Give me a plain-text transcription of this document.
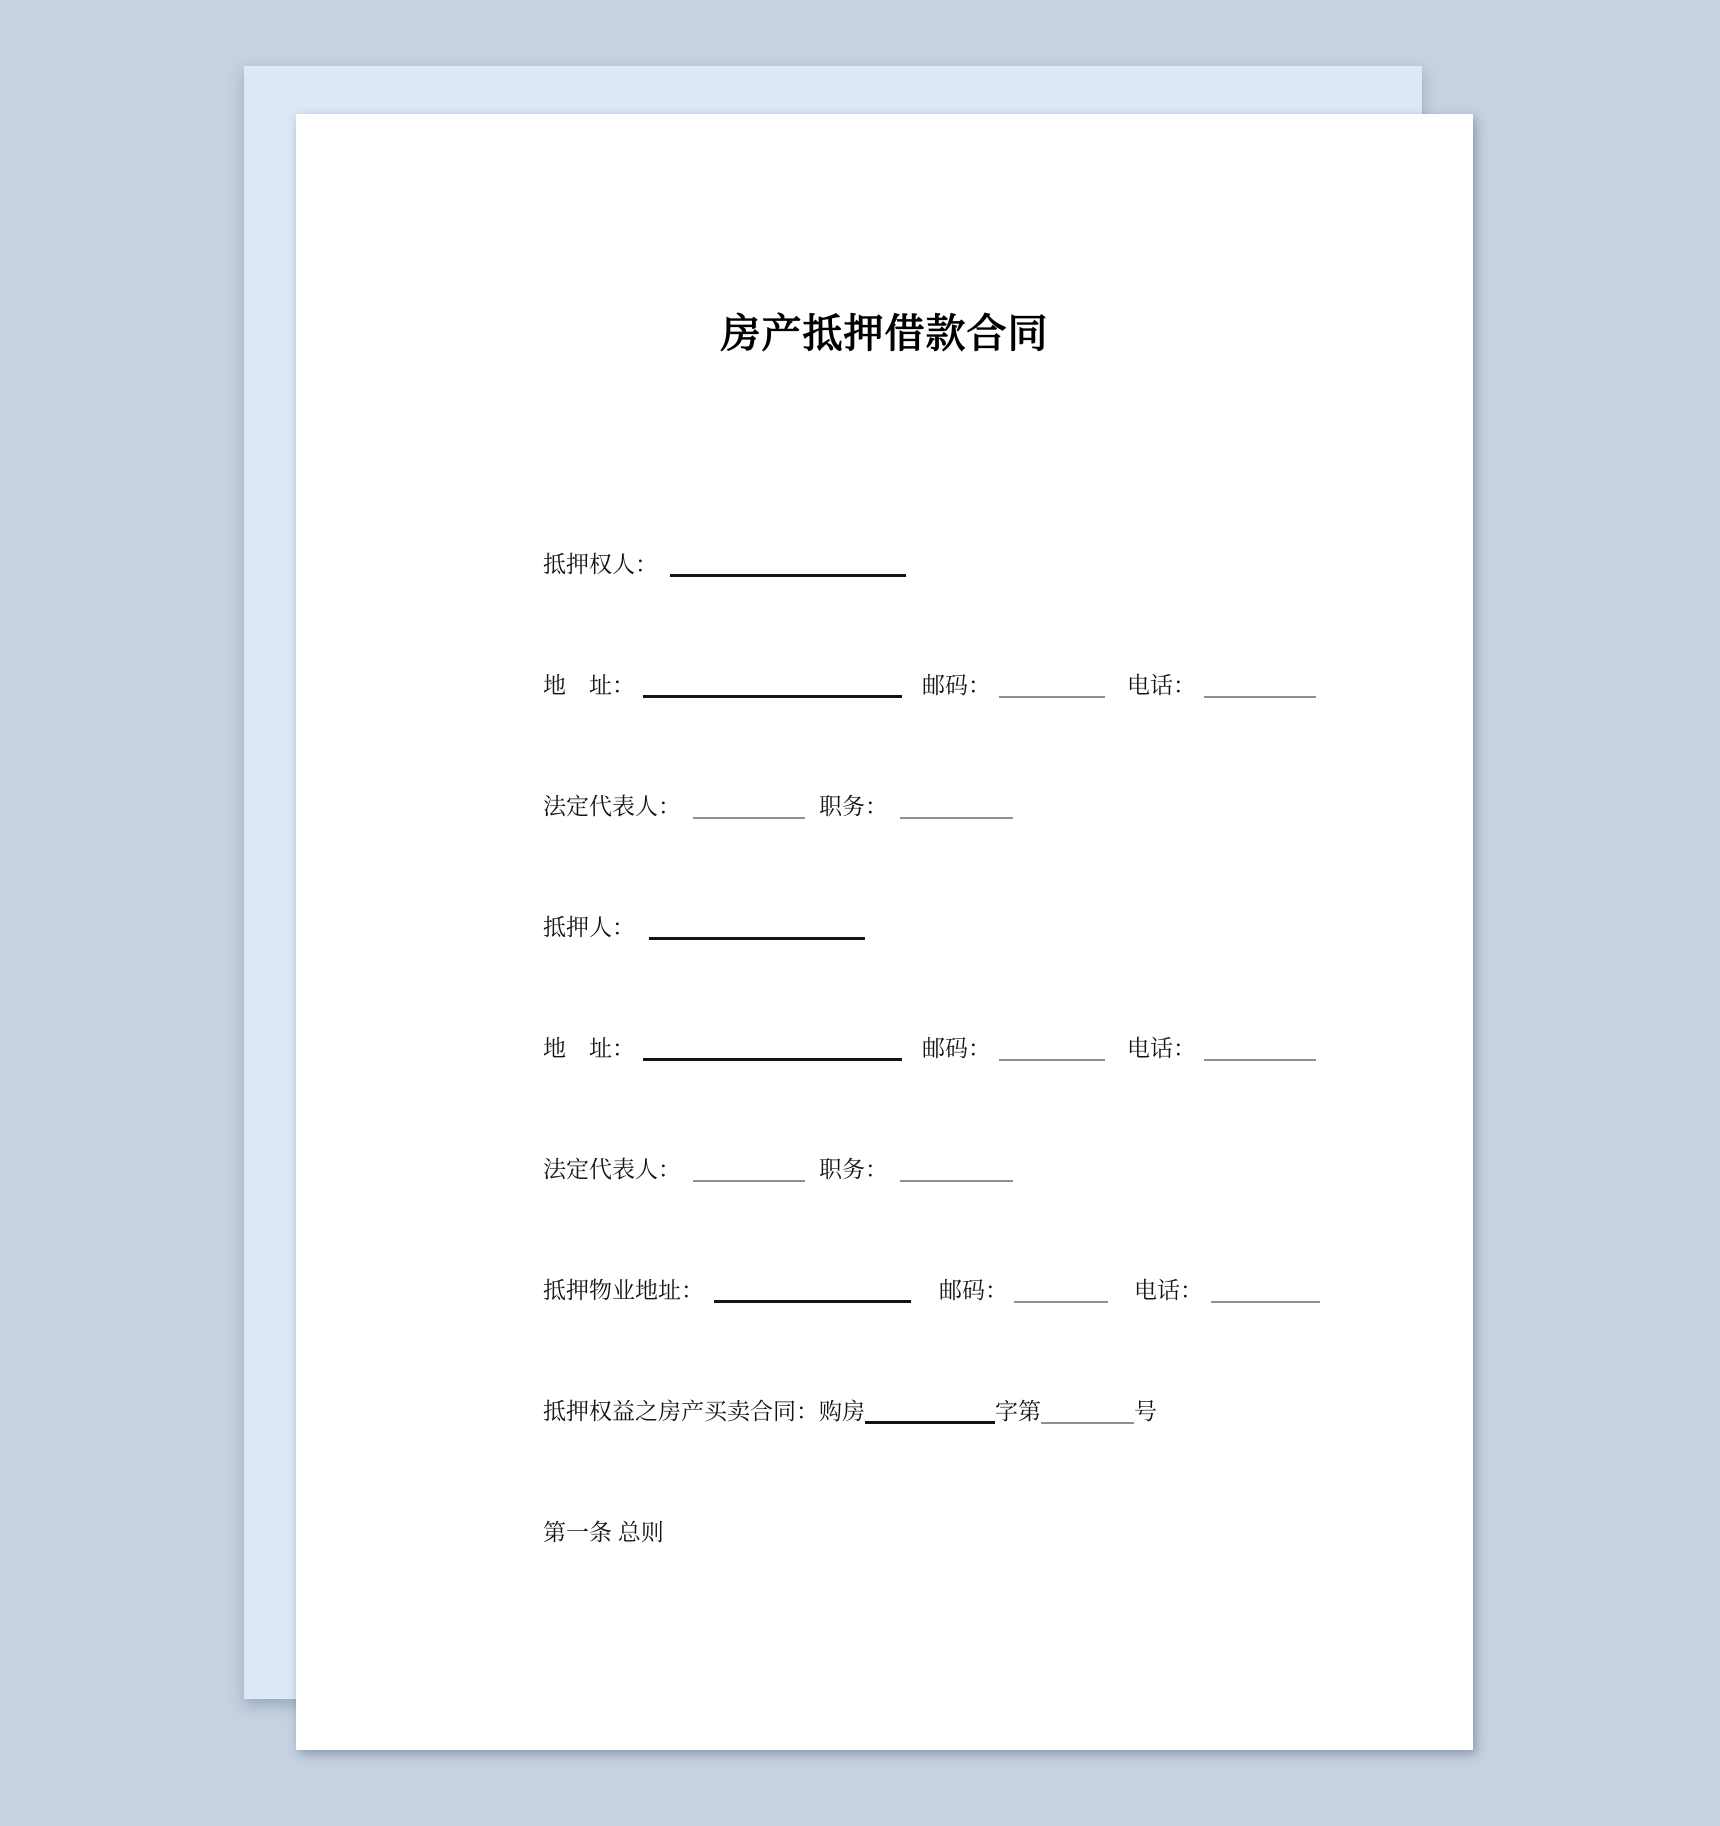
房产抵押借款合同
抵押权人：
地　址：	邮码：	电话：
法定代表人：	职务：
抵押人：
地　址：	邮码：	电话：
法定代表人：	职务：
抵押物业地址：	邮码：	电话：
抵押权益之房产买卖合同：购房	字第	号
第一条 总则
